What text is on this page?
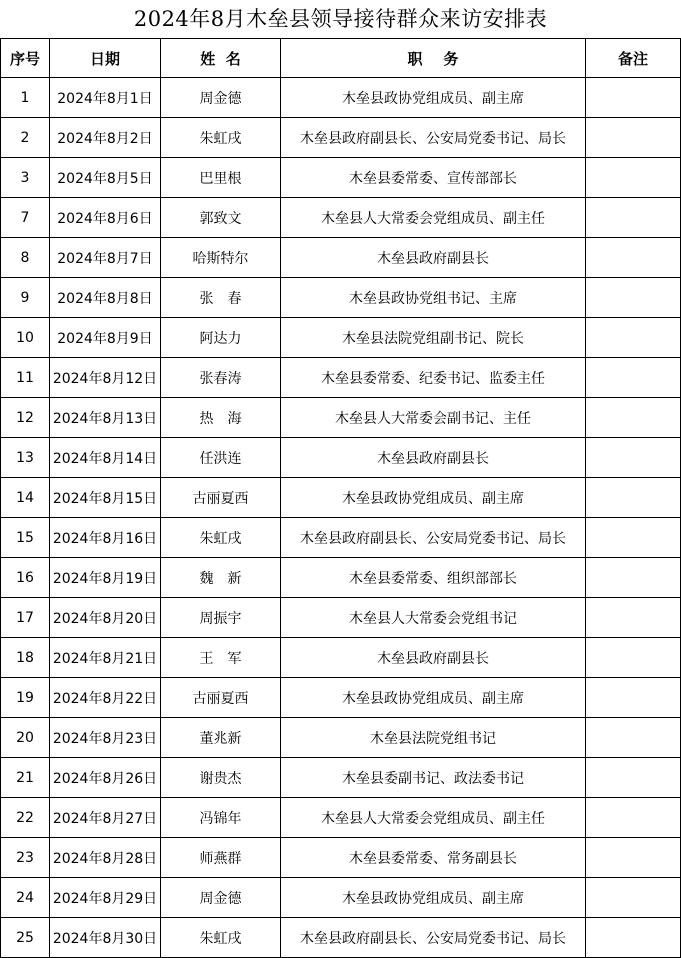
2024年8月木垒县领导接待群众来访安排表
序号	日期	姓  名	职    务	备注
1	2024年8月1日	周金德	木垒县政协党组成员、副主席	
2	2024年8月2日	朱虹戌	木垒县政府副县长、公安局党委书记、局长	
3	2024年8月5日	巴里根	木垒县委常委、宣传部部长	
7	2024年8月6日	郭致文	木垒县人大常委会党组成员、副主任	
8	2024年8月7日	哈斯特尔	木垒县政府副县长	
9	2024年8月8日	张　春	木垒县政协党组书记、主席	
10	2024年8月9日	阿达力	木垒县法院党组副书记、院长	
11	2024年8月12日	张春涛	木垒县委常委、纪委书记、监委主任	
12	2024年8月13日	热　海	木垒县人大常委会副书记、主任	
13	2024年8月14日	任洪连	木垒县政府副县长	
14	2024年8月15日	古丽夏西	木垒县政协党组成员、副主席	
15	2024年8月16日	朱虹戌	木垒县政府副县长、公安局党委书记、局长	
16	2024年8月19日	魏　新	木垒县委常委、组织部部长	
17	2024年8月20日	周振宇	木垒县人大常委会党组书记	
18	2024年8月21日	王　军	木垒县政府副县长	
19	2024年8月22日	古丽夏西	木垒县政协党组成员、副主席	
20	2024年8月23日	董兆新	木垒县法院党组书记	
21	2024年8月26日	谢贵杰	木垒县委副书记、政法委书记	
22	2024年8月27日	冯锦年	木垒县人大常委会党组成员、副主任	
23	2024年8月28日	师燕群	木垒县委常委、常务副县长	
24	2024年8月29日	周金德	木垒县政协党组成员、副主席	
25	2024年8月30日	朱虹戌	木垒县政府副县长、公安局党委书记、局长	
